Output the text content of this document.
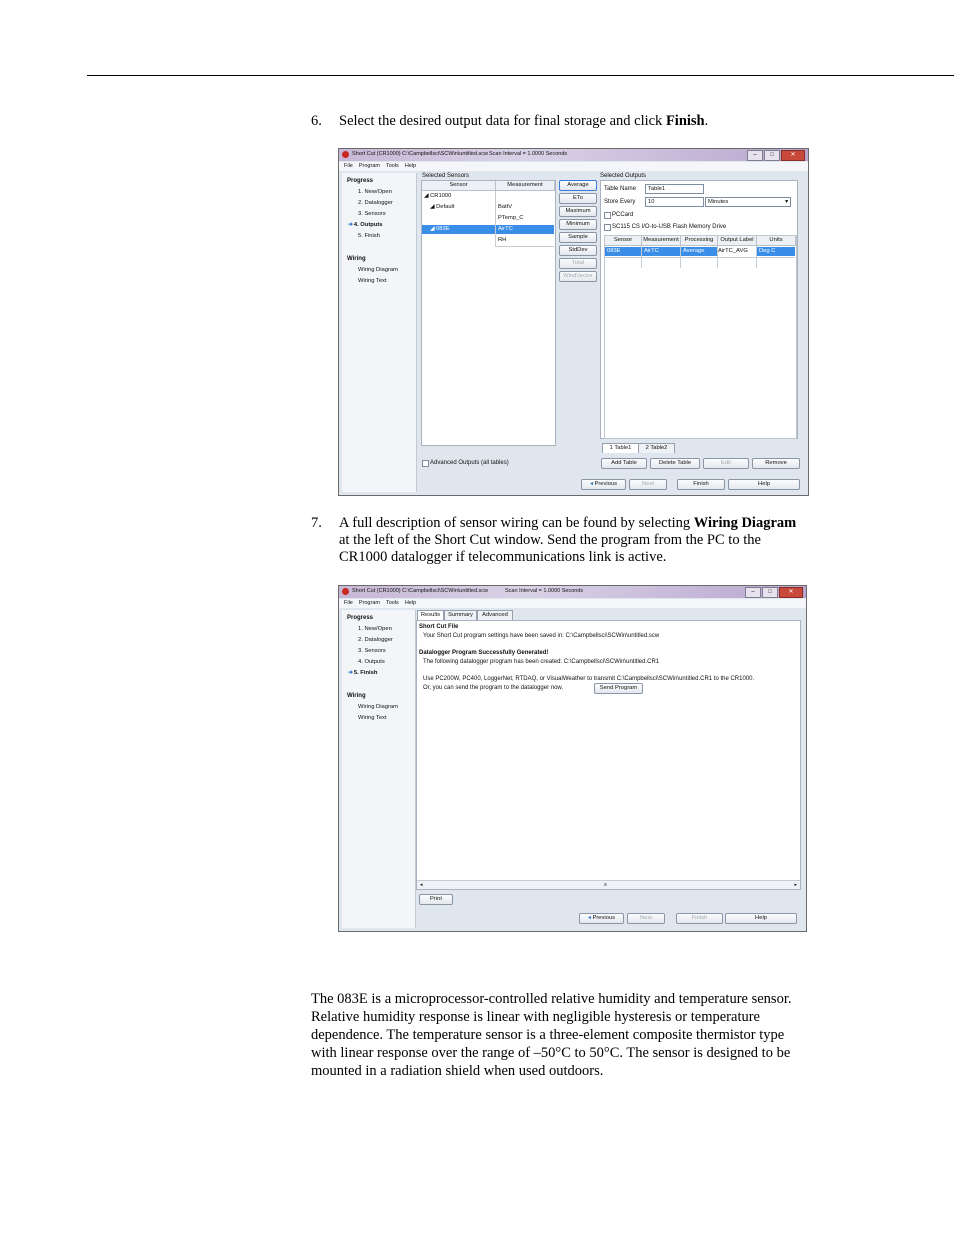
6. Select the desired output data for final storage and click Finish.
Short Cut (CR1000) C:\Campbellsci\SCWin\untitled.scw Scan Interval = 1.0000 Seconds	–	□	✕
File Program Tools Help
Progress
1. New/Open
2. Datalogger
3. Sensors
➜4. Outputs
5. Finish
Wiring
Wiring Diagram
Wiring Text
Selected Sensors
Sensor	Measurement
◢ CR1000
◢ Default	BattV
PTemp_C
◢ 083E	AirTC
RH
Advanced Outputs (all tables)
Average
ETo
Maximum
Minimum
Sample
StdDev
Total
WindVector
Selected Outputs
Table Name	Table1
Store Every	10	Minutes	▾
PCCard
SC115 CS I/O-to-USB Flash Memory Drive
Sensor	Measurement	Processing	Output Label	Units
083E	AirTC	Average	AirTC_AVG	Deg C
1 Table1	2 Table2
Add Table	Delete Table	Edit	Remove
◂ Previous	Next	Finish	Help
7. A full description of sensor wiring can be found by selecting Wiring Diagram at the left of the Short Cut window. Send the program from the PC to the CR1000 datalogger if telecommunications link is active.
Short Cut (CR1000) C:\Campbellsci\SCWin\untitled.scw	Scan Interval = 1.0000 Seconds	–	□	✕
File Program Tools Help
Progress
1. New/Open
2. Datalogger
3. Sensors
4. Outputs
➜5. Finish
Wiring
Wiring Diagram
Wiring Text
Results	Summary	Advanced
Short Cut File
Your Short Cut program settings have been saved in: C:\Campbellsci\SCWin\untitled.scw
Datalogger Program Successfully Generated!
The following datalogger program has been created: C:\Campbellsci\SCWin\untitled.CR1
Use PC200W, PC400, LoggerNet, RTDAQ, or VisualWeather to transmit C:\Campbellsci\SCWin\untitled.CR1 to the CR1000.
Or, you can send the program to the datalogger now.	Send Program
◂	≡	▸
Print
◂ Previous	Next	Finish	Help
The 083E is a microprocessor-controlled relative humidity and temperature sensor. Relative humidity response is linear with negligible hysteresis or temperature dependence. The temperature sensor is a three-element composite thermistor type with linear response over the range of –50°C to 50°C. The sensor is designed to be mounted in a radiation shield when used outdoors.
